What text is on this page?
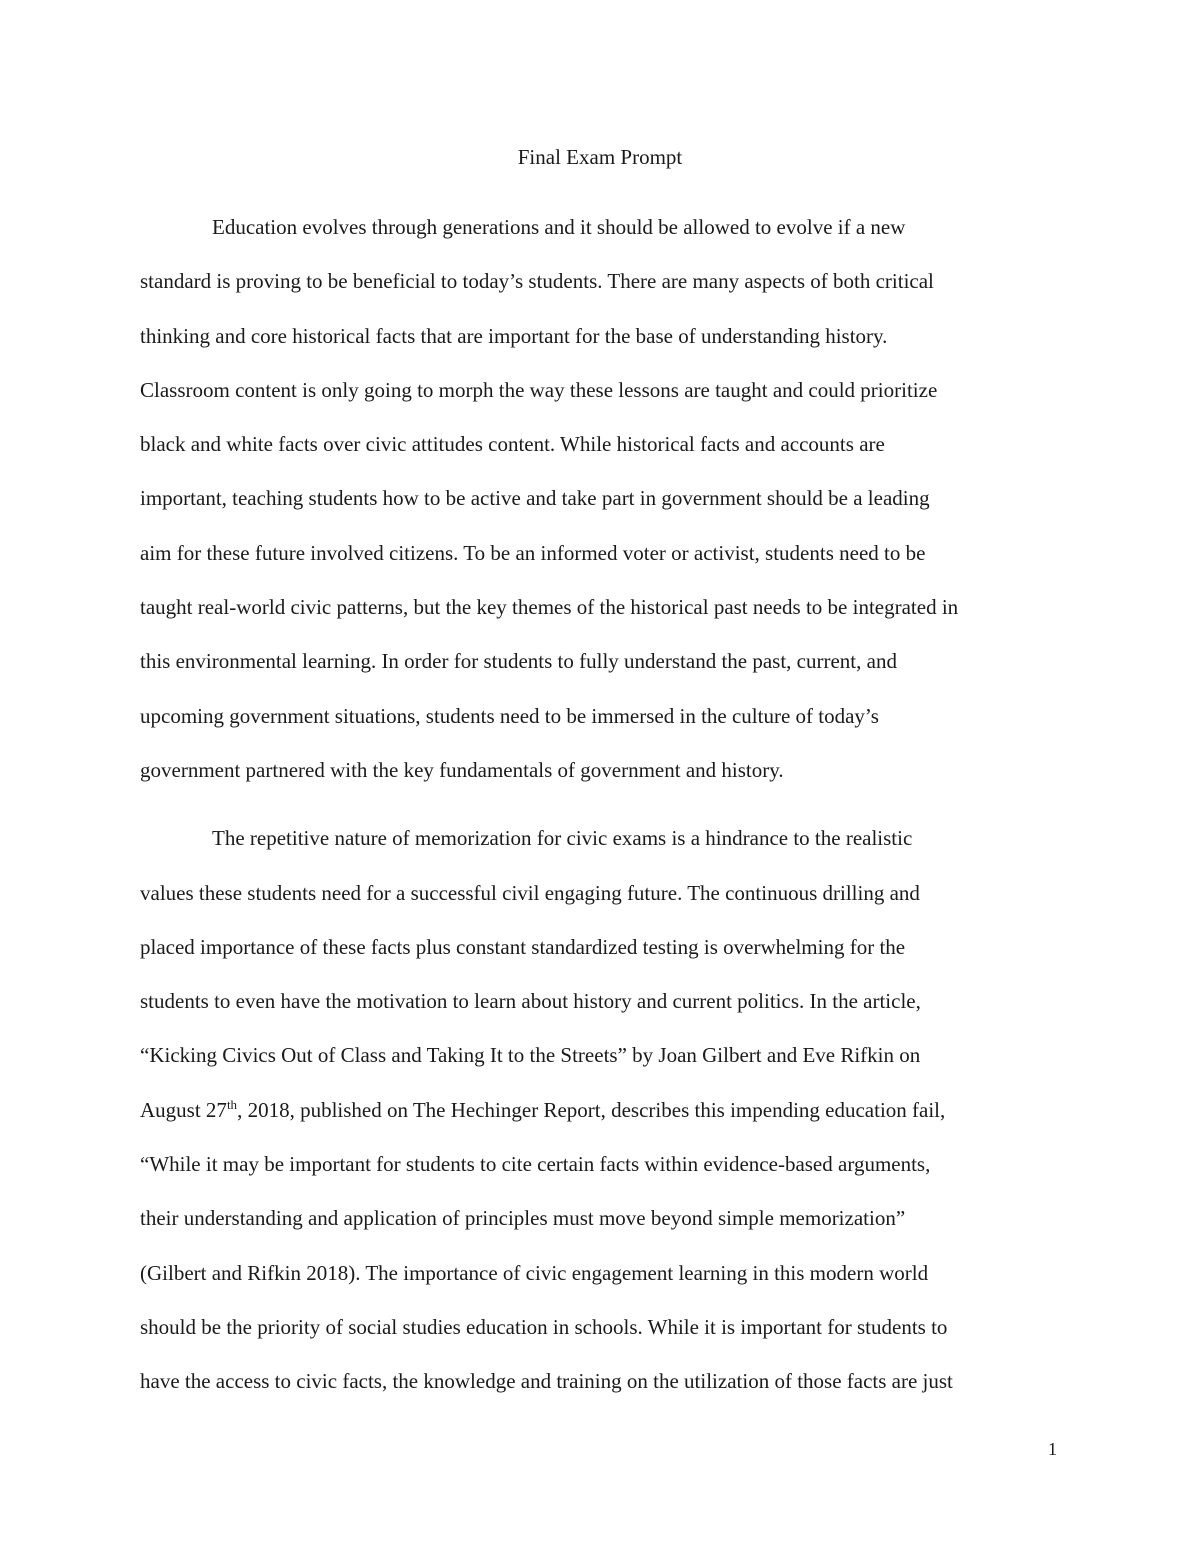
Final Exam Prompt
Education evolves through generations and it should be allowed to evolve if a new
standard is proving to be beneficial to today’s students. There are many aspects of both critical
thinking and core historical facts that are important for the base of understanding history.
Classroom content is only going to morph the way these lessons are taught and could prioritize
black and white facts over civic attitudes content. While historical facts and accounts are
important, teaching students how to be active and take part in government should be a leading
aim for these future involved citizens. To be an informed voter or activist, students need to be
taught real-world civic patterns, but the key themes of the historical past needs to be integrated in
this environmental learning. In order for students to fully understand the past, current, and
upcoming government situations, students need to be immersed in the culture of today’s
government partnered with the key fundamentals of government and history.
The repetitive nature of memorization for civic exams is a hindrance to the realistic
values these students need for a successful civil engaging future. The continuous drilling and
placed importance of these facts plus constant standardized testing is overwhelming for the
students to even have the motivation to learn about history and current politics. In the article,
“Kicking Civics Out of Class and Taking It to the Streets” by Joan Gilbert and Eve Rifkin on
August 27th, 2018, published on The Hechinger Report, describes this impending education fail,
“While it may be important for students to cite certain facts within evidence-based arguments,
their understanding and application of principles must move beyond simple memorization”
(Gilbert and Rifkin 2018). The importance of civic engagement learning in this modern world
should be the priority of social studies education in schools. While it is important for students to
have the access to civic facts, the knowledge and training on the utilization of those facts are just
1
